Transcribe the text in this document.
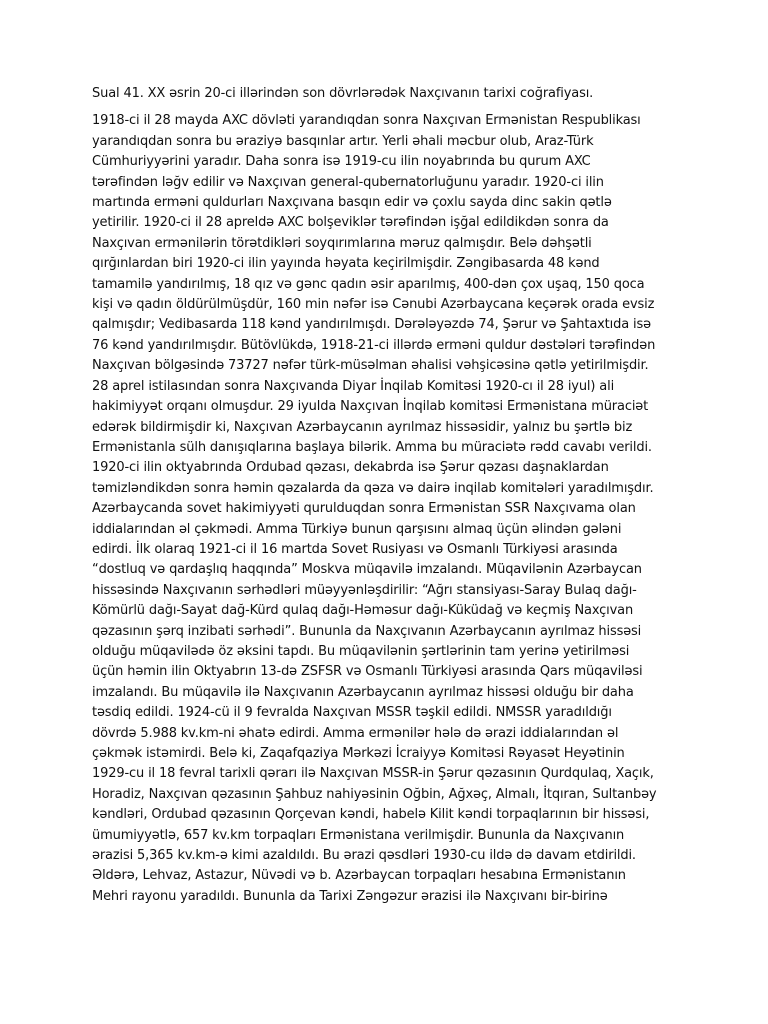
Sual 41. XX əsrin 20-ci illərindən son dövrlərədək Naxçıvanın tarixi coğrafiyası.

1918-ci il 28 mayda AXC dövləti yarandıqdan sonra Naxçıvan Ermənistan Respublikası
yarandıqdan sonra bu əraziyə basqınlar artır. Yerli əhali məcbur olub, Araz-Türk
Cümhuriyyərini yaradır. Daha sonra isə 1919-cu ilin noyabrında bu qurum AXC
tərəfindən ləğv edilir və Naxçıvan general-qubernatorluğunu yaradır. 1920-ci ilin
martında erməni quldurları Naxçıvana basqın edir və çoxlu sayda dinc sakin qətlə
yetirilir. 1920-ci il 28 apreldə AXC bolşeviklər tərəfindən işğal edildikdən sonra da
Naxçıvan ermənilərin törətdikləri soyqırımlarına məruz qalmışdır. Belə dəhşətli
qırğınlardan biri 1920-ci ilin yayında həyata keçirilmişdir. Zəngibasarda 48 kənd
tamamilə yandırılmış, 18 qız və gənc qadın əsir aparılmış, 400-dən çox uşaq, 150 qoca
kişi və qadın öldürülmüşdür, 160 min nəfər isə Cənubi Azərbaycana keçərək orada evsiz
qalmışdır; Vedibasarda 118 kənd yandırılmışdı. Dərələyəzdə 74, Şərur və Şahtaxtıda isə
76 kənd yandırılmışdır. Bütövlükdə, 1918-21-ci illərdə erməni quldur dəstələri tərəfindən
Naxçıvan bölgəsində 73727 nəfər türk-müsəlman əhalisi vəhşicəsinə qətlə yetirilmişdir.
28 aprel istilasından sonra Naxçıvanda Diyar İnqilab Komitəsi 1920-cı il 28 iyul) ali
hakimiyyət orqanı olmuşdur. 29 iyulda Naxçıvan İnqilab komitəsi Ermənistana müraciət
edərək bildirmişdir ki, Naxçıvan Azərbaycanın ayrılmaz hissəsidir, yalnız bu şərtlə biz
Ermənistanla sülh danışıqlarına başlaya bilərik. Amma bu müraciətə rədd cavabı verildi.
1920-ci ilin oktyabrında Ordubad qəzası, dekabrda isə Şərur qəzası daşnaklardan
təmizləndikdən sonra həmin qəzalarda da qəza və dairə inqilab komitələri yaradılmışdır.
Azərbaycanda sovet hakimiyyəti qurulduqdan sonra Ermənistan SSR Naxçıvama olan
iddialarından əl çəkmədi. Amma Türkiyə bunun qarşısını almaq üçün əlindən gələni
edirdi. İlk olaraq 1921-ci il 16 martda Sovet Rusiyası və Osmanlı Türkiyəsi arasında
“dostluq və qardaşlıq haqqında” Moskva müqavilə imzalandı. Müqavilənin Azərbaycan
hissəsində Naxçıvanın sərhədləri müəyyənləşdirilir: “Ağrı stansiyası-Saray Bulaq dağı-
Kömürlü dağı-Sayat dağ-Kürd qulaq dağı-Həməsur dağı-Küküdağ və keçmiş Naxçıvan
qəzasının şərq inzibati sərhədi”. Bununla da Naxçıvanın Azərbaycanın ayrılmaz hissəsi
olduğu müqavilədə öz əksini tapdı. Bu müqavilənin şərtlərinin tam yerinə yetirilməsi
üçün həmin ilin Oktyabrın 13-də ZSFSR və Osmanlı Türkiyəsi arasında Qars müqaviləsi
imzalandı. Bu müqavilə ilə Naxçıvanın Azərbaycanın ayrılmaz hissəsi olduğu bir daha
təsdiq edildi. 1924-cü il 9 fevralda Naxçıvan MSSR təşkil edildi. NMSSR yaradıldığı
dövrdə 5.988 kv.km-ni əhatə edirdi. Amma ermənilər hələ də ərazi iddialarından əl
çəkmək istəmirdi. Belə ki, Zaqafqaziya Mərkəzi İcraiyyə Komitəsi Rəyasət Heyətinin
1929-cu il 18 fevral tarixli qərarı ilə Naxçıvan MSSR-in Şərur qəzasının Qurdqulaq, Xaçık,
Horadiz, Naxçıvan qəzasının Şahbuz nahiyəsinin Oğbin, Ağxəç, Almalı, İtqıran, Sultanbəy
kəndləri, Ordubad qəzasının Qorçevan kəndi, habelə Kilit kəndi torpaqlarının bir hissəsi,
ümumiyyətlə, 657 kv.km torpaqları Ermənistana verilmişdir. Bununla da Naxçıvanın
ərazisi 5,365 kv.km-ə kimi azaldıldı. Bu ərazi qəsdləri 1930-cu ildə də davam etdirildi.
Əldərə, Lehvaz, Astazur, Nüvədi və b. Azərbaycan torpaqları hesabına Ermənistanın
Mehri rayonu yaradıldı. Bununla da Tarixi Zəngəzur ərazisi ilə Naxçıvanı bir-birinə
